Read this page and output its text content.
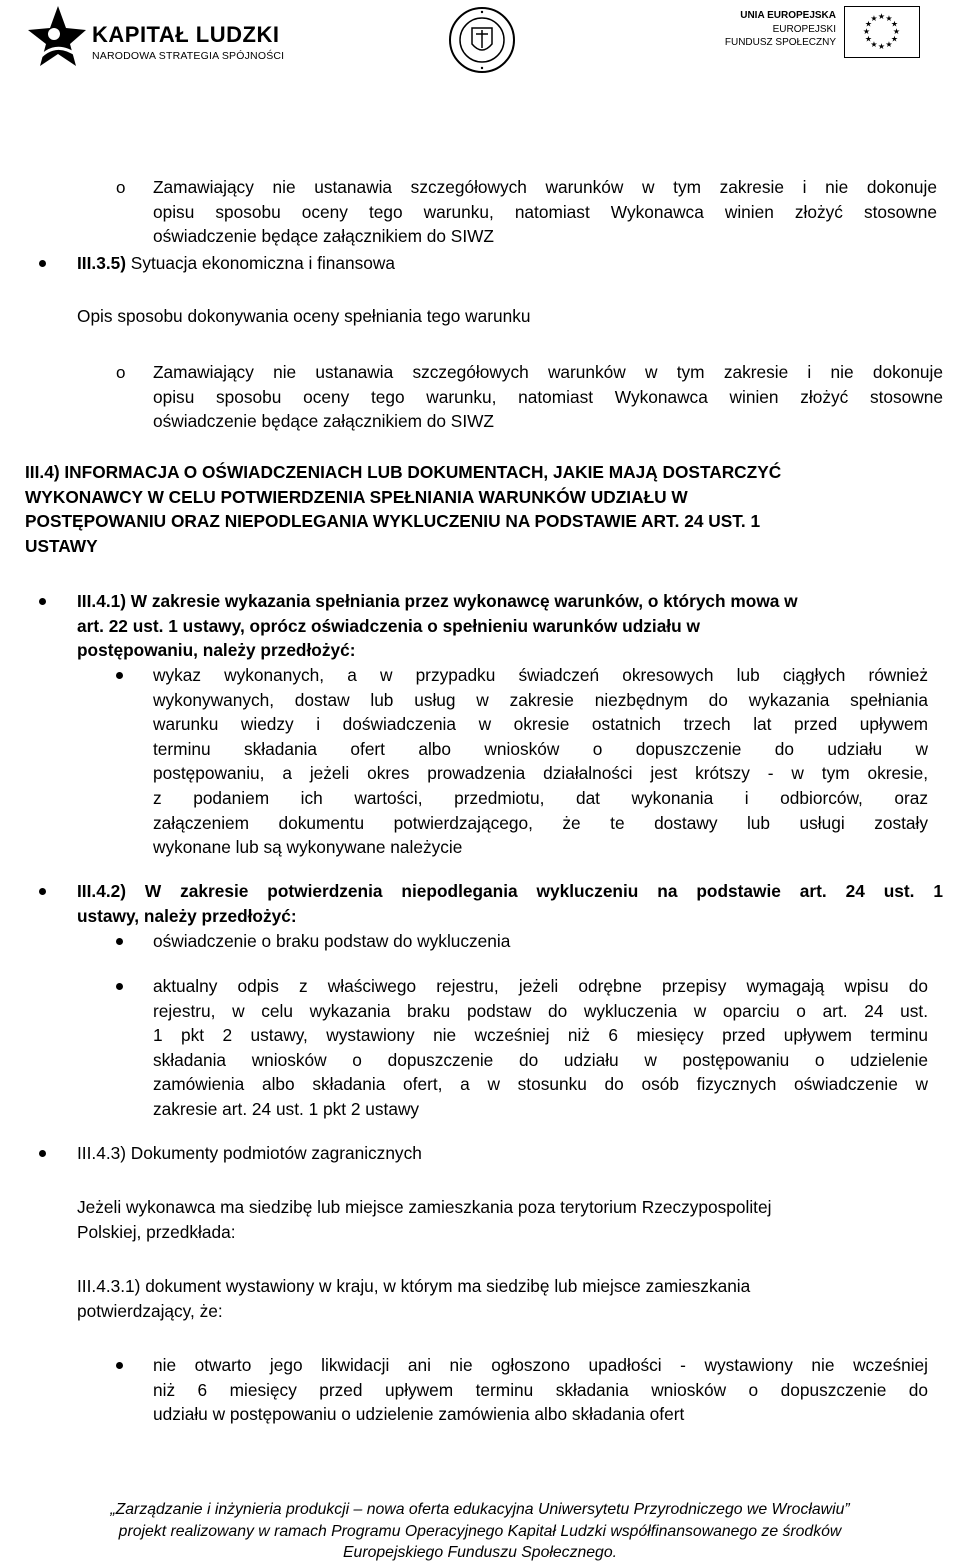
KAPITAŁ LUDZKI
NARODOWA STRATEGIA SPÓJNOŚCI
UNIA EUROPEJSKA
EUROPEJSKI
FUNDUSZ SPOŁECZNY
★ ★
★
★
★
★
★
★
★
★
★
★
o Zamawiający nie ustanawia szczegółowych warunków w tym zakresie i nie dokonuje
opisu sposobu oceny tego warunku, natomiast Wykonawca winien złożyć stosowne
oświadczenie będące załącznikiem do SIWZ
III.3.5) Sytuacja ekonomiczna i finansowa
Opis sposobu dokonywania oceny spełniania tego warunku
o Zamawiający nie ustanawia szczegółowych warunków w tym zakresie i nie dokonuje
opisu sposobu oceny tego warunku, natomiast Wykonawca winien złożyć stosowne
oświadczenie będące załącznikiem do SIWZ
III.4) INFORMACJA O OŚWIADCZENIACH LUB DOKUMENTACH, JAKIE MAJĄ DOSTARCZYĆ
WYKONAWCY W CELU POTWIERDZENIA SPEŁNIANIA WARUNKÓW UDZIAŁU W
POSTĘPOWANIU ORAZ NIEPODLEGANIA WYKLUCZENIU NA PODSTAWIE ART. 24 UST. 1
USTAWY
III.4.1) W zakresie wykazania spełniania przez wykonawcę warunków, o których mowa w
art. 22 ust. 1 ustawy, oprócz oświadczenia o spełnieniu warunków udziału w
postępowaniu, należy przedłożyć:
wykaz wykonanych, a w przypadku świadczeń okresowych lub ciągłych również
wykonywanych, dostaw lub usług w zakresie niezbędnym do wykazania spełniania
warunku wiedzy i doświadczenia w okresie ostatnich trzech lat przed upływem
terminu składania ofert albo wniosków o dopuszczenie do udziału w
postępowaniu, a jeżeli okres prowadzenia działalności jest krótszy - w tym okresie,
z podaniem ich wartości, przedmiotu, dat wykonania i odbiorców, oraz
załączeniem dokumentu potwierdzającego, że te dostawy lub usługi zostały
wykonane lub są wykonywane należycie
III.4.2) W zakresie potwierdzenia niepodlegania wykluczeniu na podstawie art. 24 ust. 1
ustawy, należy przedłożyć:
oświadczenie o braku podstaw do wykluczenia
aktualny odpis z właściwego rejestru, jeżeli odrębne przepisy wymagają wpisu do
rejestru, w celu wykazania braku podstaw do wykluczenia w oparciu o art. 24 ust.
1 pkt 2 ustawy, wystawiony nie wcześniej niż 6 miesięcy przed upływem terminu
składania wniosków o dopuszczenie do udziału w postępowaniu o udzielenie
zamówienia albo składania ofert, a w stosunku do osób fizycznych oświadczenie w
zakresie art. 24 ust. 1 pkt 2 ustawy
III.4.3) Dokumenty podmiotów zagranicznych
Jeżeli wykonawca ma siedzibę lub miejsce zamieszkania poza terytorium Rzeczypospolitej
Polskiej, przedkłada:
III.4.3.1) dokument wystawiony w kraju, w którym ma siedzibę lub miejsce zamieszkania
potwierdzający, że:
nie otwarto jego likwidacji ani nie ogłoszono upadłości - wystawiony nie wcześniej
niż 6 miesięcy przed upływem terminu składania wniosków o dopuszczenie do
udziału w postępowaniu o udzielenie zamówienia albo składania ofert
„Zarządzanie i inżynieria produkcji – nowa oferta edukacyjna Uniwersytetu Przyrodniczego we Wrocławiu”
projekt realizowany w ramach Programu Operacyjnego Kapitał Ludzki współfinansowanego ze środków
Europejskiego Funduszu Społecznego.
